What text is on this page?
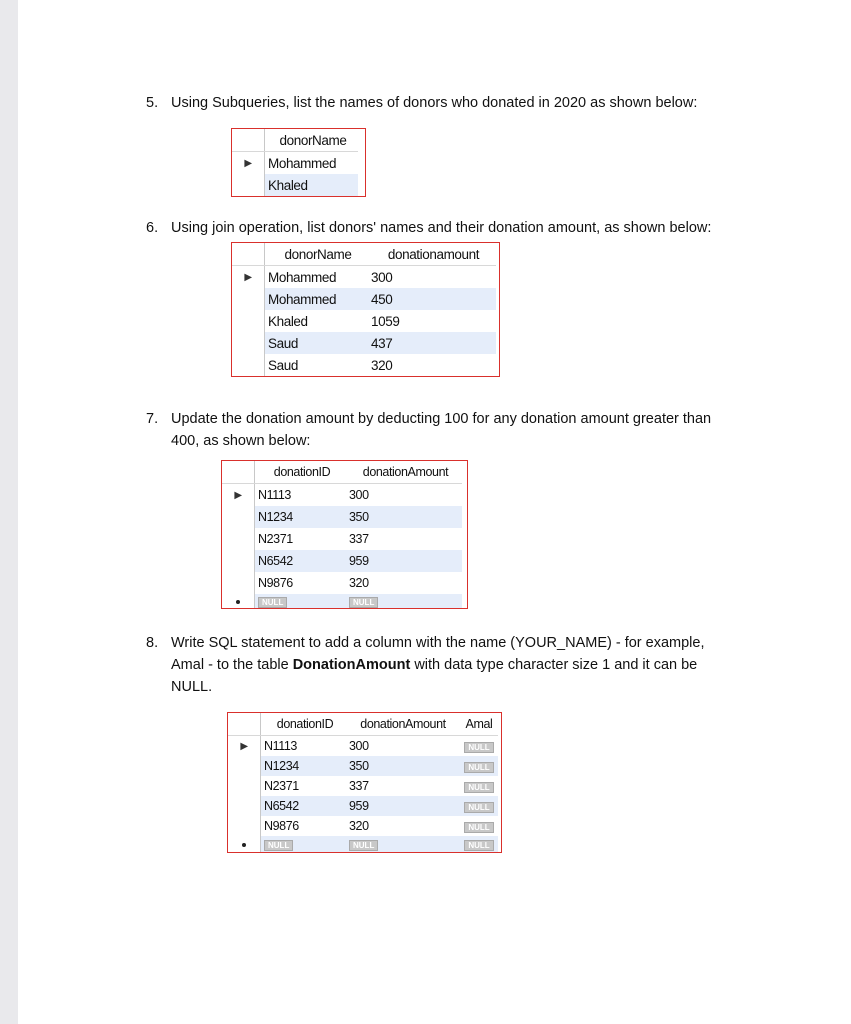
5. Using Subqueries, list the names of donors who donated in 2020 as shown below:
	donorName
▶	Mohammed
	Khaled
6. Using join operation, list donors' names and their donation amount, as shown below:
	donorName	donationamount
▶	Mohammed	300
	Mohammed	450
	Khaled	1059
	Saud	437
	Saud	320
7. Update the donation amount by deducting 100 for any donation amount greater than 400, as shown below:
	donationID	donationAmount
▶	N1113	300
	N1234	350
	N2371	337
	N6542	959
	N9876	320
	NULL	NULL
8. Write SQL statement to add a column with the name (YOUR_NAME) - for example, Amal - to the table DonationAmount with data type character size 1 and it can be NULL.
	donationID	donationAmount	Amal
▶	N1113	300	NULL
	N1234	350	NULL
	N2371	337	NULL
	N6542	959	NULL
	N9876	320	NULL
	NULL	NULL	NULL
